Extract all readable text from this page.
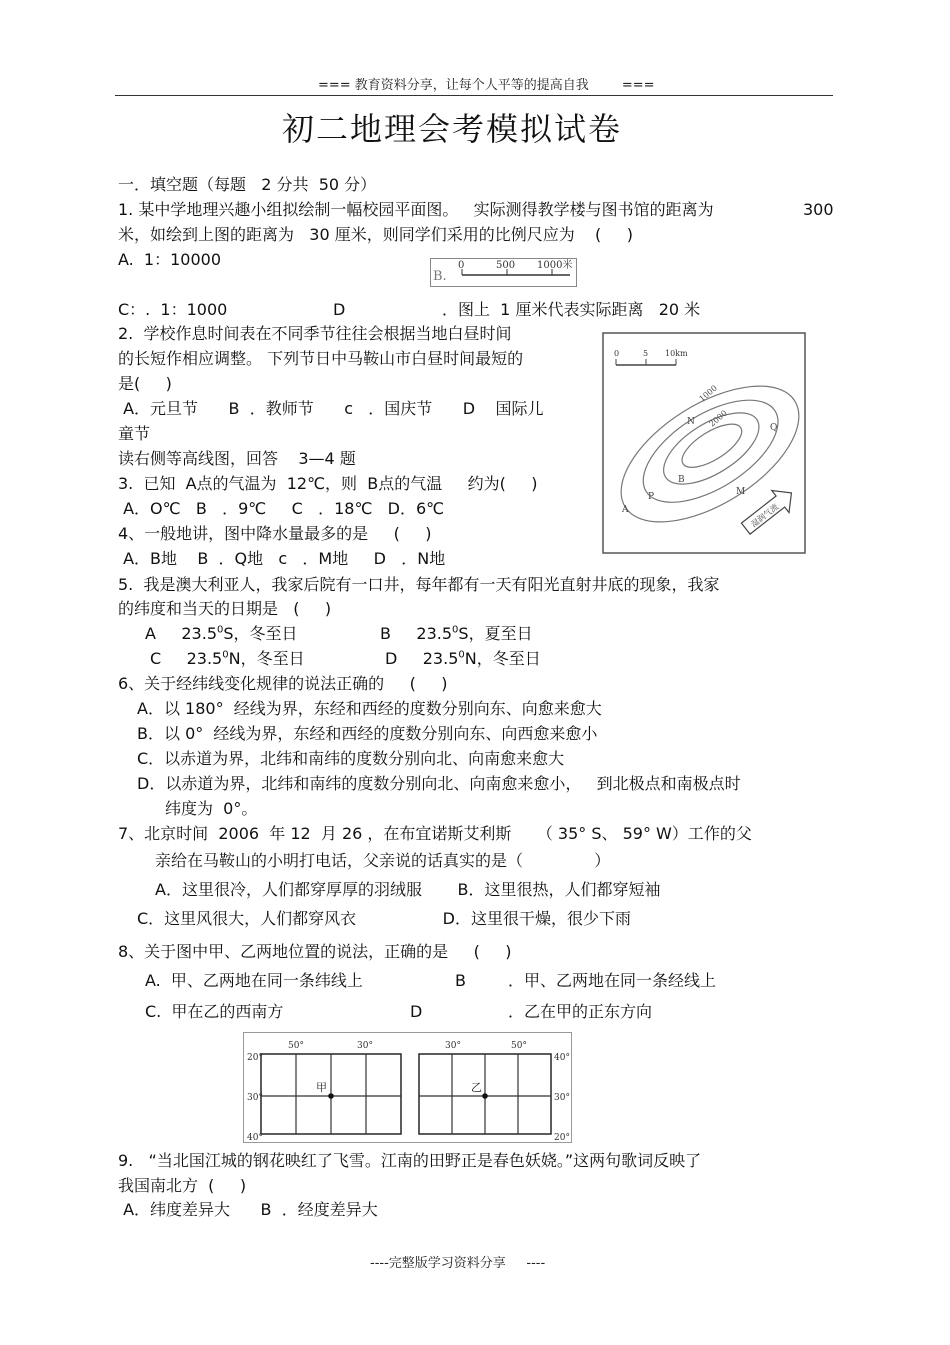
=== 教育资料分享，让每个人平等的提高自我        ===
初二地理会考模拟试卷
一．填空题（每题   2 分共  50 分）
1. 某中学地理兴趣小组拟绘制一幅校园平面图。   实际测得教学楼与图书馆的距离为	300
米，如绘到上图的距离为   30 厘米，则同学们采用的比例尺应为    (     )
A.  1：10000
B.
0	500 1000米
C：.  1：1000	D	．图上  1 厘米代表实际距离   20 米
2.  学校作息时间表在不同季节往往会根据当地白昼时间
的长短作相应调整。 下列节日中马鞍山市白昼时间最短的
是(     )
A．元旦节      B  ．教师节      c   ．国庆节      D    国际儿
童节
读右侧等高线图，回答    3—4 题
3.  已知  A点的气温为  12℃，则  B点的气温     约为(     )
A．O℃   B   ．9℃     C   ．18℃   D．6℃
4、一般地讲，图中降水量最多的是     (     )
A．B地    B  ．Q地   c   ．M地     D   ．N地
0	5 10km
1000
2000
N
Q
B
P
A
M
湿润气流
5.  我是澳大利亚人，我家后院有一口井，每年都有一天有阳光直射井底的现象，我家
的纬度和当天的日期是   (     )
A     23.5$^0$S，冬至日	B     23.5$^0$S，夏至日
C     23.5$^0$N，冬至日	D     23.5$^0$N，冬至日
6、关于经纬线变化规律的说法正确的     (     )
A．以 180°  经线为界，东经和西经的度数分别向东、向愈来愈大
B．以 0°  经线为界，东经和西经的度数分别向东、向西愈来愈小
C．以赤道为界，北纬和南纬的度数分别向北、向南愈来愈大
D．以赤道为界，北纬和南纬的度数分别向北、向南愈来愈小，   到北极点和南极点时
纬度为  0°。
7、北京时间  2006  年 12  月 26 ，在布宜诺斯艾利斯     （ 35° S、 59° W）工作的父
亲给在马鞍山的小明打电话，父亲说的话真实的是（              ）
A．这里很冷，人们都穿厚厚的羽绒服       B．这里很热，人们都穿短袖
C．这里风很大，人们都穿风衣                 D．这里很干燥，很少下雨
8、关于图中甲、乙两地位置的说法，正确的是     (     )
A.  甲、乙两地在同一条纬线上	B	．甲、乙两地在同一条经线上
C.  甲在乙的西南方	D	．乙在甲的正东方向
20°
30°
40°
50°	30°
甲
30°	50°
40°
30°
20°
乙
9.   “当北国江城的钢花映红了飞雪。江南的田野正是春色妖娆。”这两句歌词反映了
我国南北方  (     )
A．纬度差异大      B  ．经度差异大
----完整版学习资料分享     ----
